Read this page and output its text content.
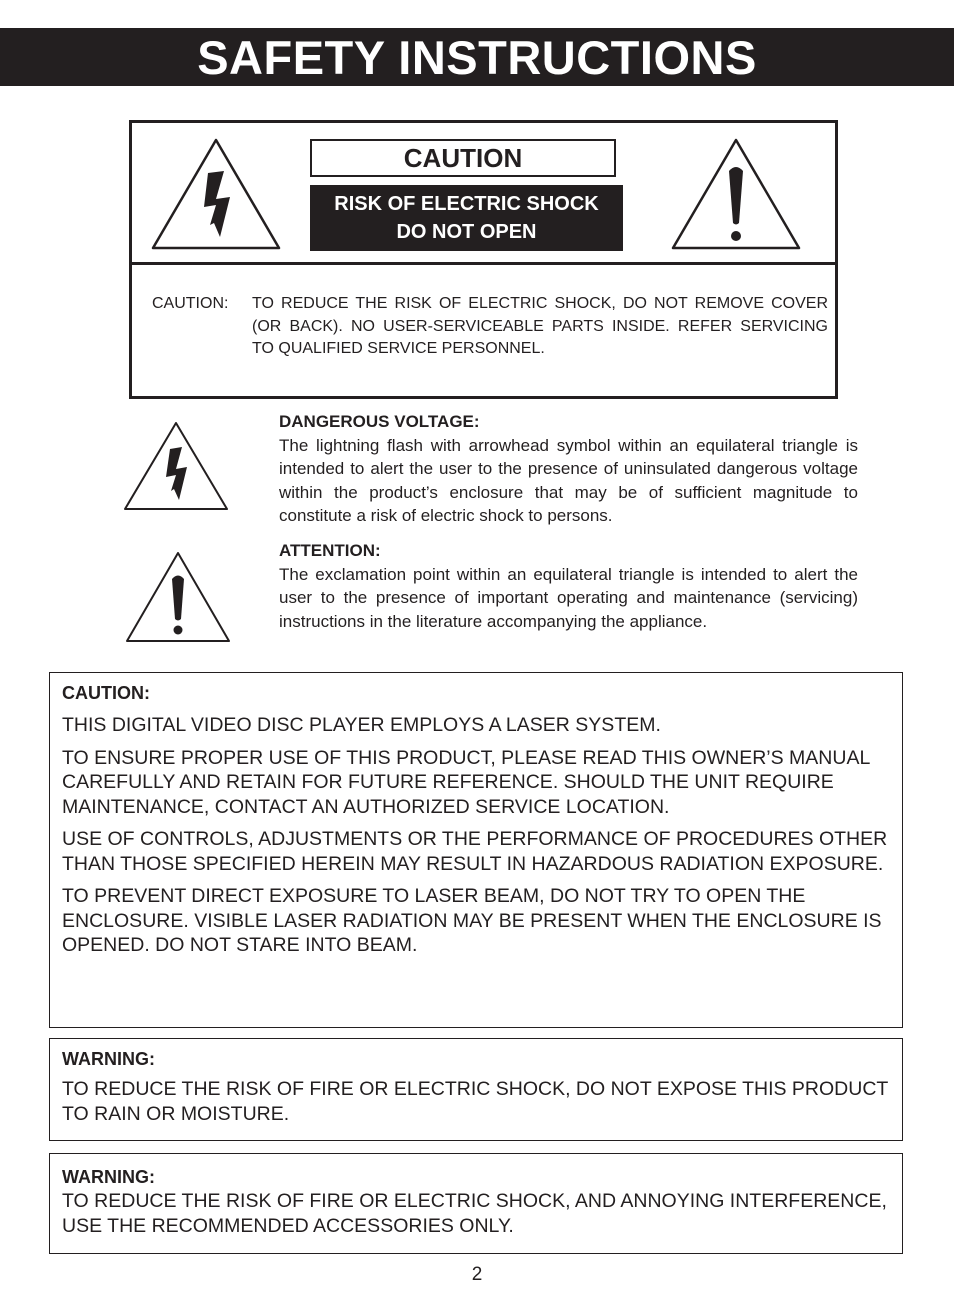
SAFETY INSTRUCTIONS
CAUTION
RISK OF ELECTRIC SHOCK
DO NOT OPEN
CAUTION:	TO REDUCE THE RISK OF ELECTRIC SHOCK, DO NOT REMOVE COVER (OR BACK). NO USER-SERVICEABLE PARTS INSIDE. REFER SERVICING TO QUALIFIED SERVICE PERSONNEL.
DANGEROUS VOLTAGE:
The lightning flash with arrowhead symbol within an equilateral triangle is intended to alert the user to the presence of uninsulated dangerous voltage within the product’s enclosure that may be of sufficient magnitude to constitute a risk of electric shock to persons.
ATTENTION:
The exclamation point within an equilateral triangle is intended to alert the user to the presence of important operating and maintenance (servicing) instructions in the literature accompanying the appliance.
CAUTION:

THIS DIGITAL VIDEO DISC PLAYER EMPLOYS A LASER SYSTEM.

TO ENSURE PROPER USE OF THIS PRODUCT, PLEASE READ THIS OWNER’S MANUAL CAREFULLY AND RETAIN FOR FUTURE REFERENCE. SHOULD THE UNIT REQUIRE MAINTENANCE, CONTACT AN AUTHORIZED SERVICE LOCATION.

USE OF CONTROLS, ADJUSTMENTS OR THE PERFORMANCE OF PROCEDURES OTHER THAN THOSE SPECIFIED HEREIN MAY RESULT IN HAZARDOUS RADIATION EXPOSURE.

TO PREVENT DIRECT EXPOSURE TO LASER BEAM, DO NOT TRY TO OPEN THE ENCLOSURE. VISIBLE LASER RADIATION MAY BE PRESENT WHEN THE ENCLOSURE IS OPENED. DO NOT STARE INTO BEAM.

WARNING:

TO REDUCE THE RISK OF FIRE OR ELECTRIC SHOCK, DO NOT EXPOSE THIS PRODUCT TO RAIN OR MOISTURE.

WARNING:

TO REDUCE THE RISK OF FIRE OR ELECTRIC SHOCK, AND ANNOYING INTERFERENCE, USE THE RECOMMENDED ACCESSORIES ONLY.

2
